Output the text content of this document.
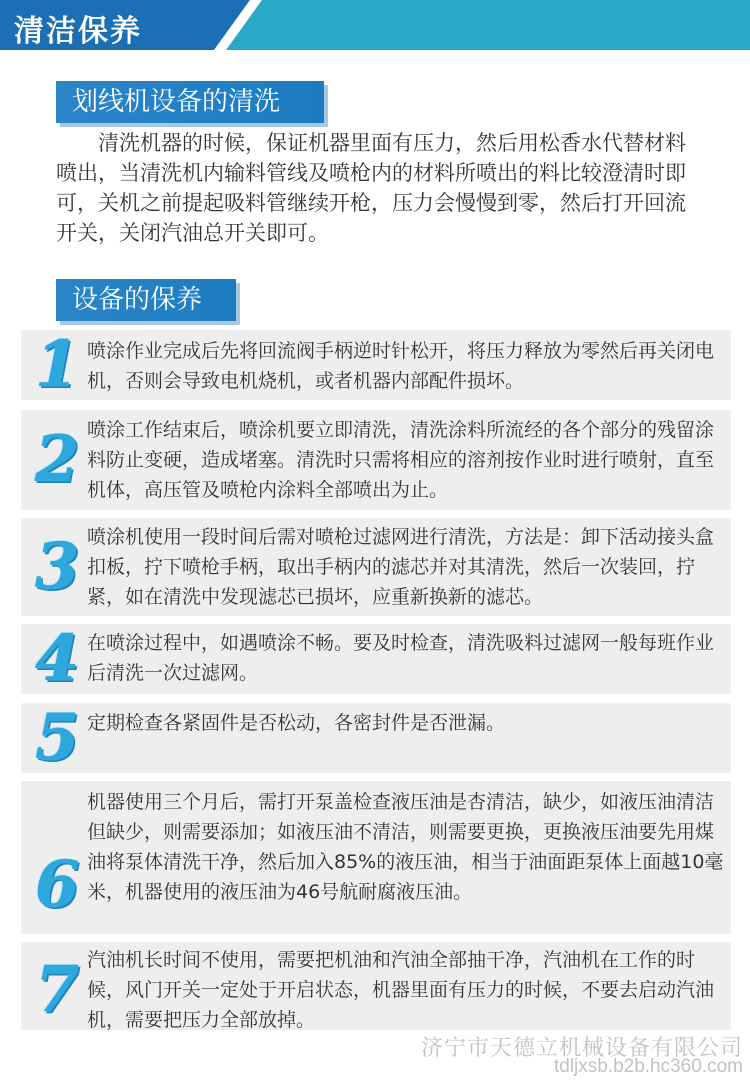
清洁保养
划线机设备的清洗

清洗机器的时候，保证机器里面有压力，然后用松香水代替材料喷出，当清洗机内输料管线及喷枪内的材料所喷出的料比较澄清时即可，关机之前提起吸料管继续开枪，压力会慢慢到零，然后打开回流开关，关闭汽油总开关即可。

设备的保养
1 喷涂作业完成后先将回流阀手柄逆时针松开，将压力释放为零然后再关闭电机，否则会导致电机烧机，或者机器内部配件损坏。

2 喷涂工作结束后，喷涂机要立即清洗，清洗涂料所流经的各个部分的残留涂料防止变硬，造成堵塞。清洗时只需将相应的溶剂按作业时进行喷射，直至机体，高压管及喷枪内涂料全部喷出为止。

3 喷涂机使用一段时间后需对喷枪过滤网进行清洗，方法是：卸下活动接头盒扣板，拧下喷枪手柄，取出手柄内的滤芯并对其清洗，然后一次装回，拧紧，如在清洗中发现滤芯已损坏，应重新换新的滤芯。

4 在喷涂过程中，如遇喷涂不畅。要及时检查，清洗吸料过滤网一般每班作业后清洗一次过滤网。

5 定期检查各紧固件是否松动，各密封件是否泄漏。

6

机器使用三个月后，需打开泵盖检查液压油是杏清洁，缺少，如液压油清洁但缺少，则需要添加；如液压油不清洁，则需要更换，更换液压油要先用煤油将泵体清洗干净，然后加入85%的液压油，相当于油面距泵体上面越10毫米，机器使用的液压油为46号航耐腐液压油。

7 汽油机长时间不使用，需要把机油和汽油全部抽干净，汽油机在工作的时候，风门开关一定处于开启状态，机器里面有压力的时候，不要去启动汽油机，需要把压力全部放掉。

济宁市天德立机械设备有限公司
tdljxsb.b2b.hc360.com
